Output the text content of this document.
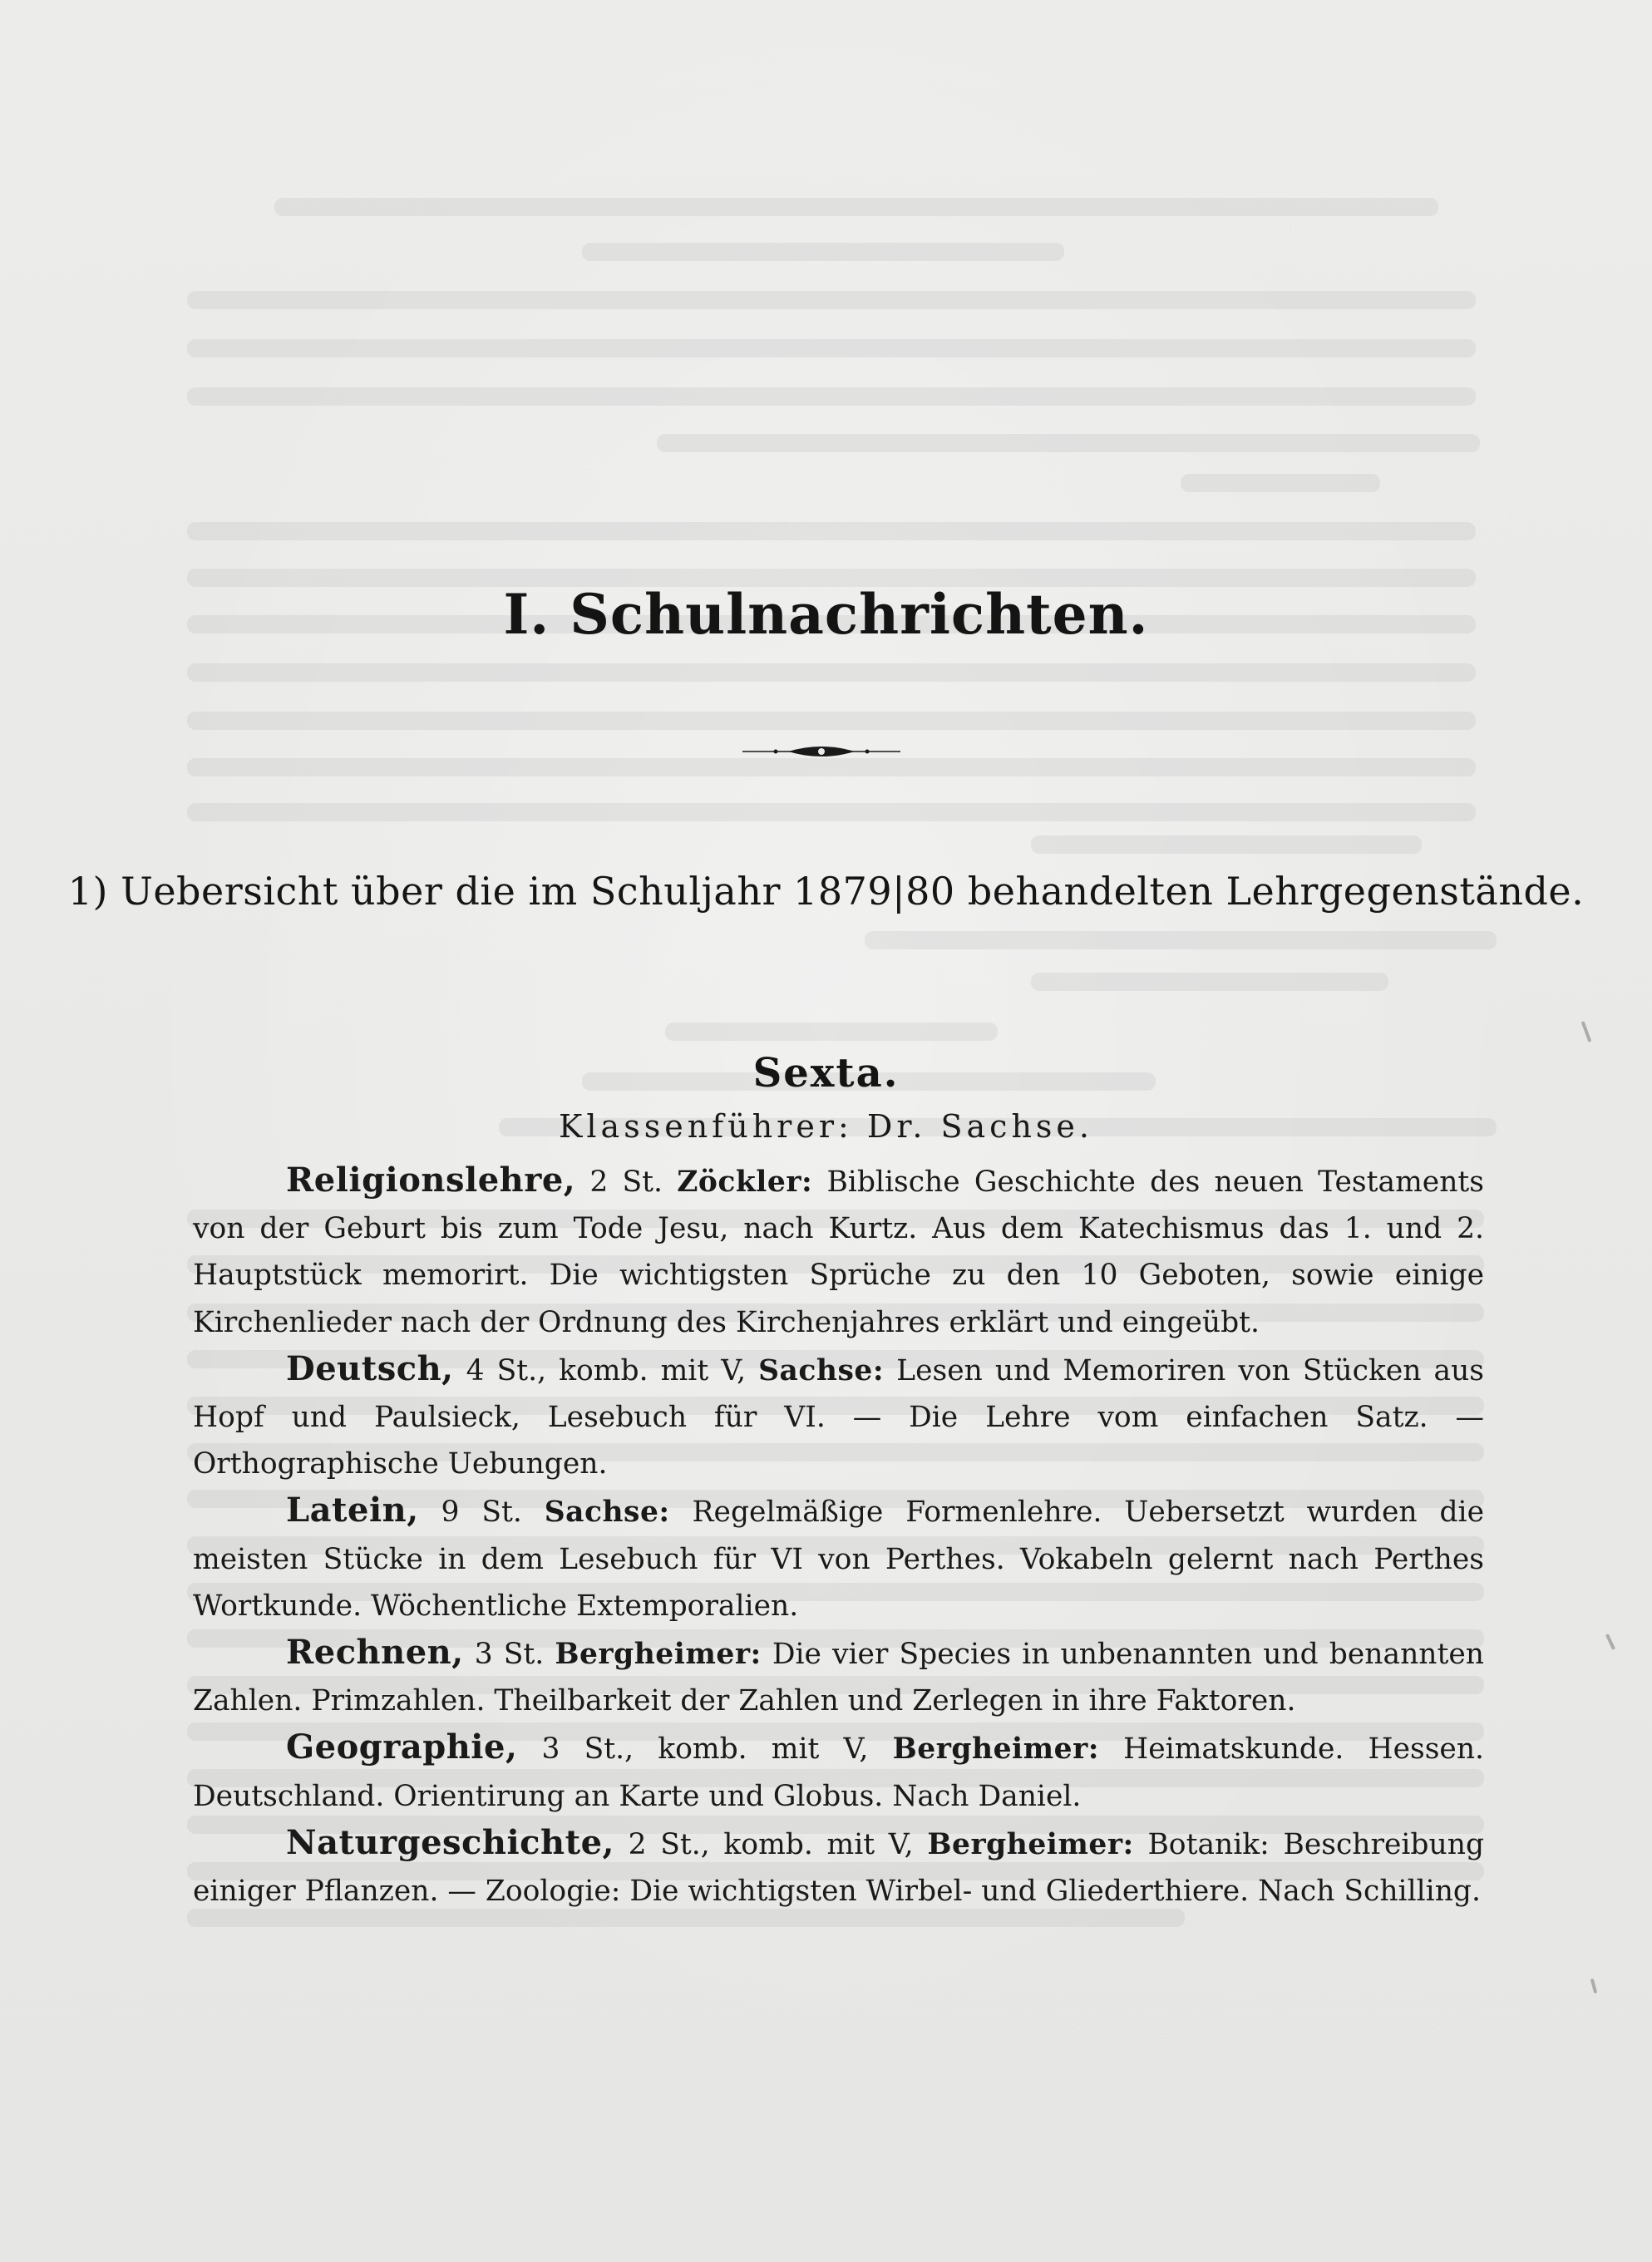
I. Schulnachrichten.
1) Uebersicht über die im Schuljahr 1879|80 behandelten Lehrgegenstände.
Sexta.
Klassenführer: Dr. Sachse.

Religionslehre, 2 St. Zöckler: Biblische Geschichte des neuen Testaments von der Geburt bis zum Tode Jesu, nach Kurtz. Aus dem Katechismus das 1. und 2. Hauptstück memorirt. Die wichtigsten Sprüche zu den 10 Geboten, sowie einige Kirchenlieder nach der Ordnung des Kirchenjahres erklärt und eingeübt.

Deutsch, 4 St., komb. mit V, Sachse: Lesen und Memoriren von Stücken aus Hopf und Paulsieck, Lesebuch für VI. — Die Lehre vom einfachen Satz. — Orthographische Uebungen.

Latein, 9 St. Sachse: Regelmäßige Formenlehre. Uebersetzt wurden die meisten Stücke in dem Lesebuch für VI von Perthes. Vokabeln gelernt nach Perthes Wortkunde. Wöchentliche Extemporalien.

Rechnen, 3 St. Bergheimer: Die vier Species in unbenannten und benannten Zahlen. Primzahlen. Theilbarkeit der Zahlen und Zerlegen in ihre Faktoren.

Geographie, 3 St., komb. mit V, Bergheimer: Heimatskunde. Hessen. Deutschland. Orientirung an Karte und Globus. Nach Daniel.

Naturgeschichte, 2 St., komb. mit V, Bergheimer: Botanik: Beschreibung einiger Pflanzen. — Zoologie: Die wichtigsten Wirbel- und Gliederthiere. Nach Schilling.
